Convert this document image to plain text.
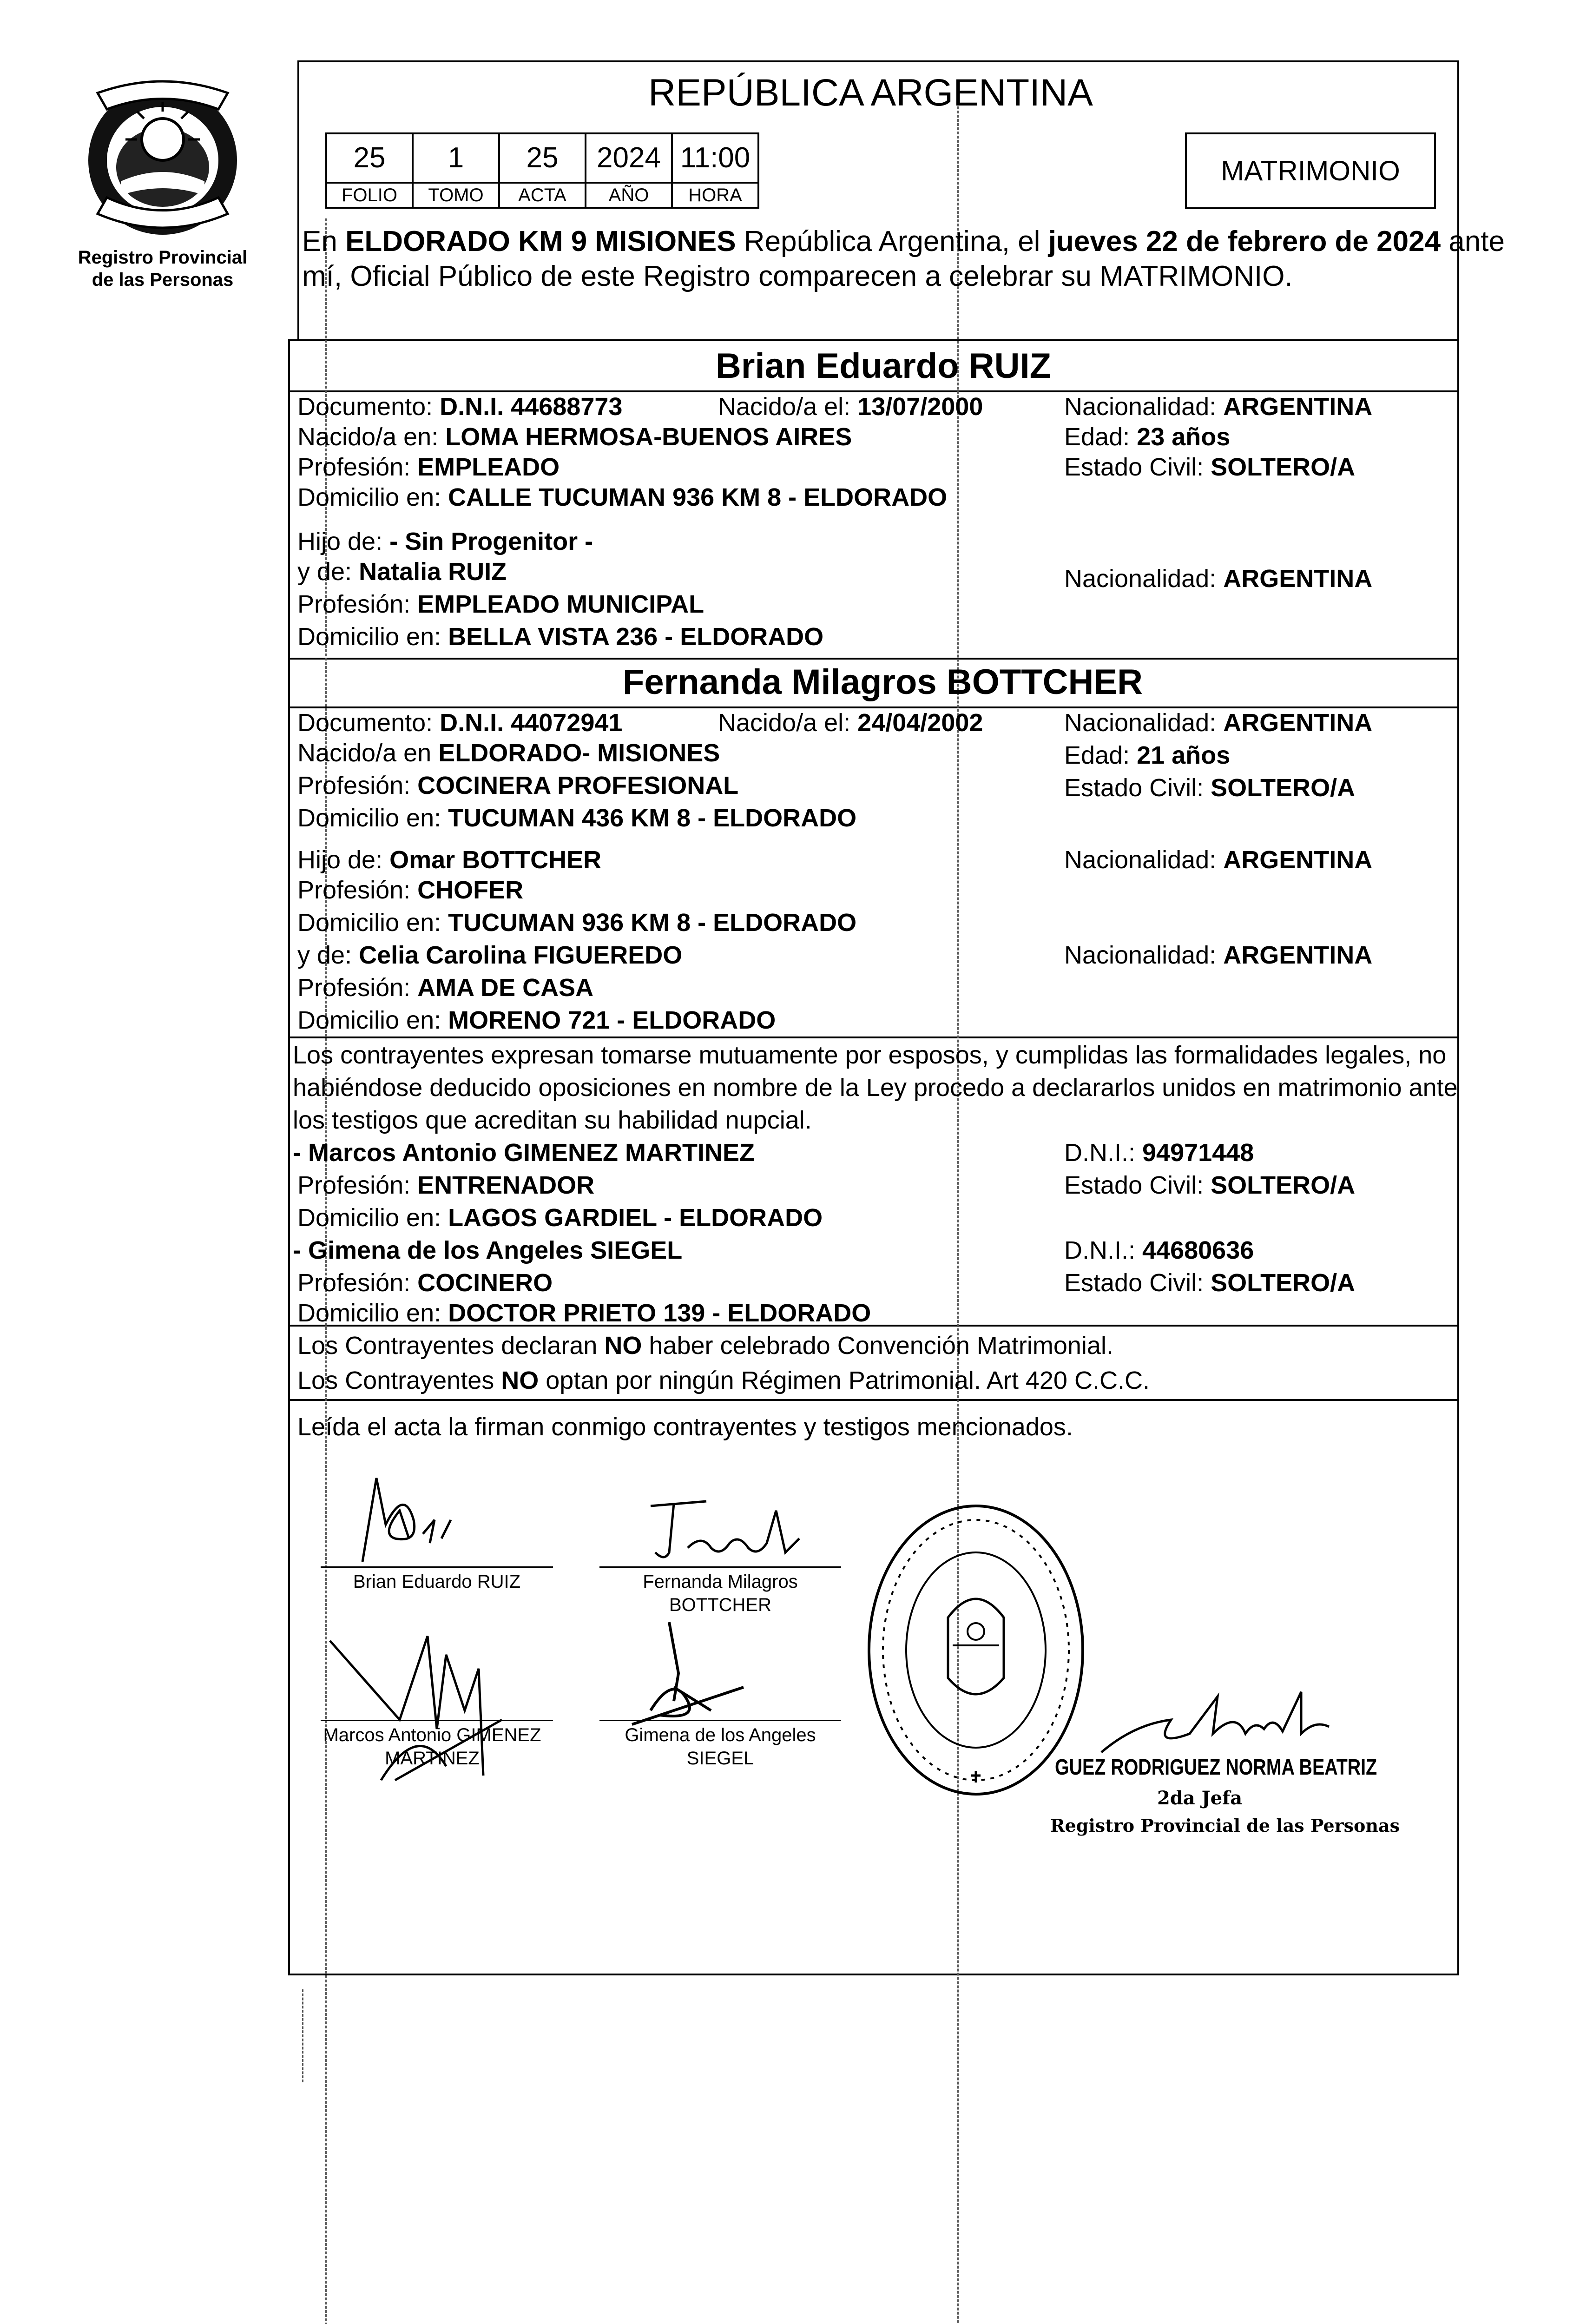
Registro Provincial
de las Personas
REPÚBLICA ARGENTINA
MATRIMONIO
25 1 25 2024 11:00
FOLIO TOMO ACTA AÑO HORA
En ELDORADO KM 9 MISIONES República Argentina, el jueves 22 de febrero de 2024 ante
mí, Oficial Público de este Registro comparecen a celebrar su MATRIMONIO.
Brian Eduardo RUIZ
Documento: D.N.I. 44688773	Nacido/a el: 13/07/2000	Nacionalidad: ARGENTINA
Nacido/a en: LOMA HERMOSA-BUENOS AIRES	Edad: 23 años
Profesión: EMPLEADO	Estado Civil: SOLTERO/A
Domicilio en: CALLE TUCUMAN 936 KM 8 - ELDORADO
Hijo de: - Sin Progenitor -
y de: Natalia RUIZ	Nacionalidad: ARGENTINA
Profesión: EMPLEADO MUNICIPAL
Domicilio en: BELLA VISTA 236 - ELDORADO
Fernanda Milagros BOTTCHER
Documento: D.N.I. 44072941	Nacido/a el: 24/04/2002	Nacionalidad: ARGENTINA
Nacido/a en ELDORADO- MISIONES	Edad: 21 años
Profesión: COCINERA PROFESIONAL	Estado Civil: SOLTERO/A
Domicilio en: TUCUMAN 436 KM 8 - ELDORADO
Hijo de: Omar BOTTCHER	Nacionalidad: ARGENTINA
Profesión: CHOFER
Domicilio en: TUCUMAN 936 KM 8 - ELDORADO
y de: Celia Carolina FIGUEREDO	Nacionalidad: ARGENTINA
Profesión: AMA DE CASA
Domicilio en: MORENO 721 - ELDORADO
Los contrayentes expresan tomarse mutuamente por esposos, y cumplidas las formalidades legales, no
habiéndose deducido oposiciones en nombre de la Ley procedo a declararlos unidos en matrimonio ante
los testigos que acreditan su habilidad nupcial.
- Marcos Antonio GIMENEZ MARTINEZ	D.N.I.: 94971448
Profesión: ENTRENADOR	Estado Civil: SOLTERO/A
Domicilio en: LAGOS GARDIEL - ELDORADO
- Gimena de los Angeles SIEGEL	D.N.I.: 44680636
Profesión: COCINERO	Estado Civil: SOLTERO/A
Domicilio en: DOCTOR PRIETO 139 - ELDORADO
Los Contrayentes declaran NO haber celebrado Convención Matrimonial.
Los Contrayentes NO optan por ningún Régimen Patrimonial. Art 420 C.C.C.
Leída el acta la firman conmigo contrayentes y testigos mencionados.
Brian Eduardo RUIZ	Fernanda Milagros
BOTTCHER
Marcos Antonio GIMENEZ
MARTINEZ
Gimena de los Angeles
SIEGEL	GUEZ RODRIGUEZ NORMA BEATRIZ
2da Jefa
Registro Provincial de las Personas
